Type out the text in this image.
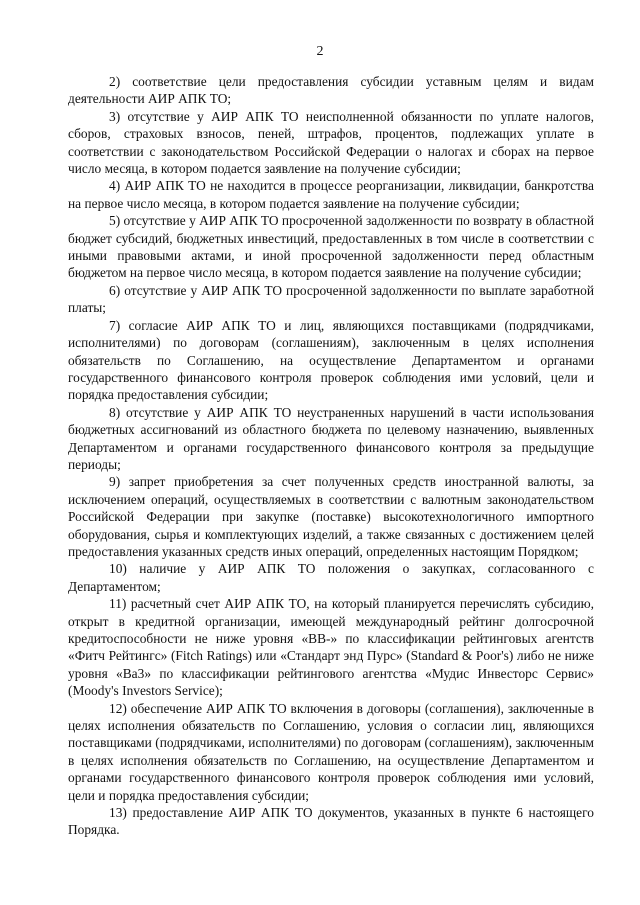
2

2) соответствие цели предоставления субсидии уставным целям и видам деятельности АИР АПК ТО;

3) отсутствие у АИР АПК ТО неисполненной обязанности по уплате налогов, сборов, страховых взносов, пеней, штрафов, процентов, подлежащих уплате в соответствии с законодательством Российской Федерации о налогах и сборах на первое число месяца, в котором подается заявление на получение субсидии;

4) АИР АПК ТО не находится в процессе реорганизации, ликвидации, банкротства на первое число месяца, в котором подается заявление на получение субсидии;

5) отсутствие у АИР АПК ТО просроченной задолженности по возврату в областной бюджет субсидий, бюджетных инвестиций, предоставленных в том числе в соответствии с иными правовыми актами, и иной просроченной задолженности перед областным бюджетом на первое число месяца, в котором подается заявление на получение субсидии;

6) отсутствие у АИР АПК ТО просроченной задолженности по выплате заработной платы;

7) согласие АИР АПК ТО и лиц, являющихся поставщиками (подрядчиками, исполнителями) по договорам (соглашениям), заключенным в целях исполнения обязательств по Соглашению, на осуществление Департаментом и органами государственного финансового контроля проверок соблюдения ими условий, цели и порядка предоставления субсидии;

8) отсутствие у АИР АПК ТО неустраненных нарушений в части использования бюджетных ассигнований из областного бюджета по целевому назначению, выявленных Департаментом и органами государственного финансового контроля за предыдущие периоды;

9) запрет приобретения за счет полученных средств иностранной валюты, за исключением операций, осуществляемых в соответствии с валютным законодательством Российской Федерации при закупке (поставке) высокотехнологичного импортного оборудования, сырья и комплектующих изделий, а также связанных с достижением целей предоставления указанных средств иных операций, определенных настоящим Порядком;

10) наличие у АИР АПК ТО положения о закупках, согласованного с Департаментом;

11) расчетный счет АИР АПК ТО, на который планируется перечислять субсидию, открыт в кредитной организации, имеющей международный рейтинг долгосрочной кредитоспособности не ниже уровня «BB-» по классификации рейтинговых агентств «Фитч Рейтингс» (Fitch Ratings) или «Стандарт энд Пурс» (Standard & Poor's) либо не ниже уровня «Ba3» по классификации рейтингового агентства «Мудис Инвесторс Сервис» (Moody's Investors Service);

12) обеспечение АИР АПК ТО включения в договоры (соглашения), заключенные в целях исполнения обязательств по Соглашению, условия о согласии лиц, являющихся поставщиками (подрядчиками, исполнителями) по договорам (соглашениям), заключенным в целях исполнения обязательств по Соглашению, на осуществление Департаментом и органами государственного финансового контроля проверок соблюдения ими условий, цели и порядка предоставления субсидии;

13) предоставление АИР АПК ТО документов, указанных в пункте 6 настоящего Порядка.
